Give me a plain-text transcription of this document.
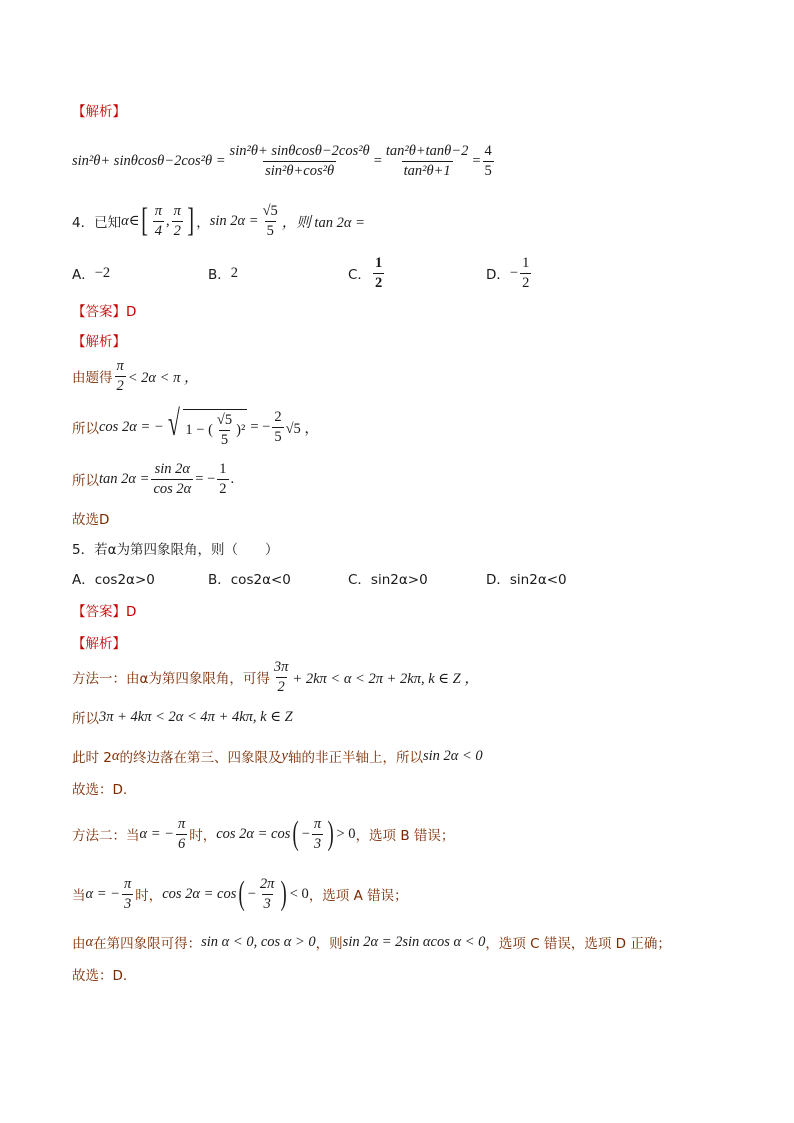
【解析】
$\sin^2\theta+ \sin\theta\cos\theta-2\cos^2\theta = \frac{\text{sin²θ+ sinθcosθ−2cos²θ}}{\text{sin²θ+cos²θ}} = \frac{\text{tan²θ+tanθ−2}}{\text{tan²θ+1}} = \frac{4}{5}$
4．已知 α∈ [ $\frac{\pi}{4}$ , $\frac{\pi}{2}$ ] ， $\sin 2\alpha = \frac{√5}{5}$ ，则 tan 2α =
A． −2	B． 2	C． $\frac{1}{2}$	D． − $\frac{1}{2}$
【答案】D
【解析】
由题得 $\frac{\pi}{2} < 2\alpha < \pi$ ，
所以 cos 2α = − √ 1 − ( $\frac{√5}{5} )^2$ = − $\frac{2}{5} √5$ ，
所以 $\tan 2\alpha = \frac{\sin 2\alpha}{\cos 2\alpha}$ = − $\frac{1}{2}$ .
故选D
5．若α为第四象限角，则（　　）
A．cos2α>0	B．cos2α<0	C．sin2α>0	D．sin2α<0
【答案】D
【解析】
方法一：由α为第四象限角，可得 $\frac{3\pi}{2} + 2k\pi < \alpha < 2\pi + 2k\pi$, k ∈ Z ，
所以 3π + 4kπ < 2α < 4π + 4kπ, k ∈ Z
此时 2 α 的终边落在第三、四象限及 y 轴的非正半轴上，所以 sin 2α < 0
故选：D.
方法二：当 α = − $\frac{\pi}{6}$ 时， cos 2α = cos ( − $\frac{\pi}{3}$ ) > 0 ，选项 B 错误；
当 α = − $\frac{\pi}{3}$ 时， cos 2α = cos ( − $\frac{2\pi}{3}$ ) < 0 ，选项 A 错误；
由 α 在第四象限可得： sin α < 0, cos α > 0 ，则 sin 2α = 2sin αcos α < 0 ，选项 C 错误，选项 D 正确；
故选：D.
